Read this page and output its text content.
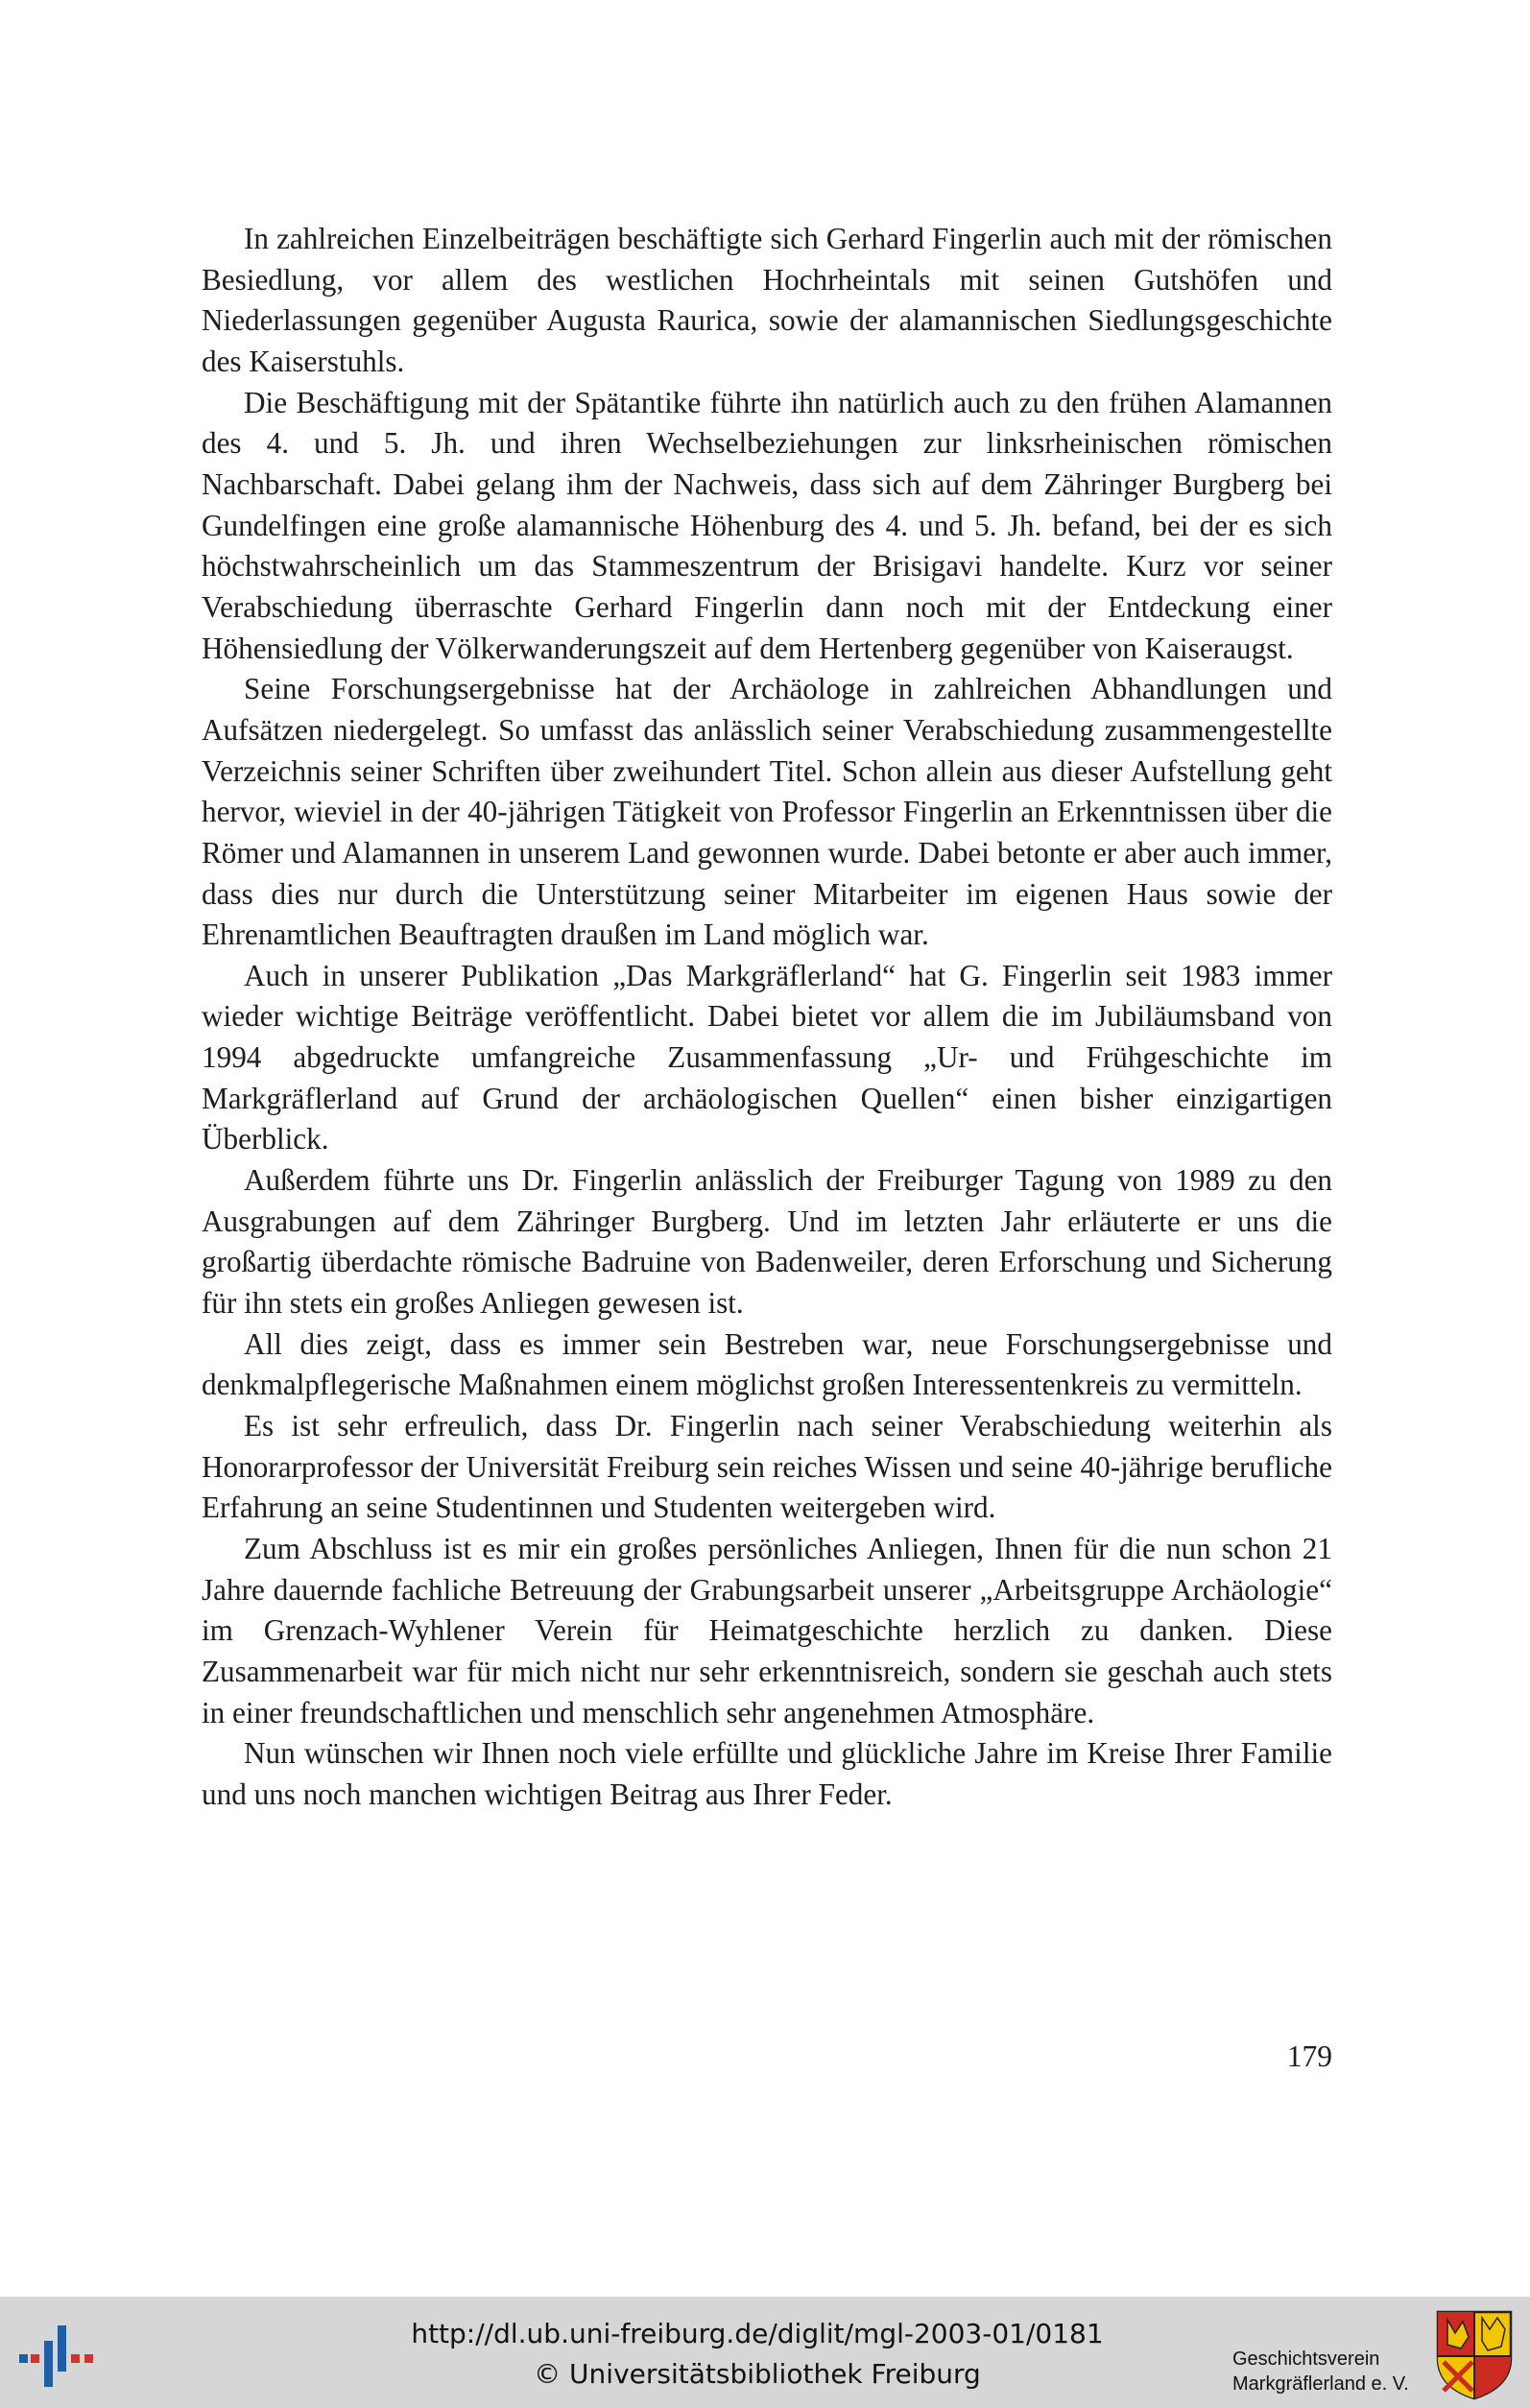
In zahlreichen Einzelbeiträgen beschäftigte sich Gerhard Fingerlin auch mit der römischen Besiedlung, vor allem des westlichen Hochrheintals mit seinen Gutshöfen und Niederlassungen gegenüber Augusta Raurica, sowie der alamannischen Siedlungsgeschichte des Kaiserstuhls.

Die Beschäftigung mit der Spätantike führte ihn natürlich auch zu den frühen Alamannen des 4. und 5. Jh. und ihren Wechselbeziehungen zur linksrheinischen römischen Nachbarschaft. Dabei gelang ihm der Nachweis, dass sich auf dem Zähringer Burgberg bei Gundelfingen eine große alamannische Höhenburg des 4. und 5. Jh. befand, bei der es sich höchstwahrscheinlich um das Stammeszentrum der Brisigavi handelte. Kurz vor seiner Verabschiedung überraschte Gerhard Fingerlin dann noch mit der Entdeckung einer Höhensiedlung der Völkerwanderungszeit auf dem Hertenberg gegenüber von Kaiseraugst.

Seine Forschungsergebnisse hat der Archäologe in zahlreichen Abhandlungen und Aufsätzen niedergelegt. So umfasst das anlässlich seiner Verabschiedung zusammengestellte Verzeichnis seiner Schriften über zweihundert Titel. Schon allein aus dieser Aufstellung geht hervor, wieviel in der 40-jährigen Tätigkeit von Professor Fingerlin an Erkenntnissen über die Römer und Alamannen in unserem Land gewonnen wurde. Dabei betonte er aber auch immer, dass dies nur durch die Unterstützung seiner Mitarbeiter im eigenen Haus sowie der Ehrenamtlichen Beauftragten draußen im Land möglich war.

Auch in unserer Publikation „Das Markgräflerland“ hat G. Fingerlin seit 1983 immer wieder wichtige Beiträge veröffentlicht. Dabei bietet vor allem die im Jubiläumsband von 1994 abgedruckte umfangreiche Zusammenfassung „Ur- und Frühgeschichte im Markgräflerland auf Grund der archäologischen Quellen“ einen bisher einzigartigen Überblick.

Außerdem führte uns Dr. Fingerlin anlässlich der Freiburger Tagung von 1989 zu den Ausgrabungen auf dem Zähringer Burgberg. Und im letzten Jahr erläuterte er uns die großartig überdachte römische Badruine von Badenweiler, deren Erforschung und Sicherung für ihn stets ein großes Anliegen gewesen ist.

All dies zeigt, dass es immer sein Bestreben war, neue Forschungsergebnisse und denkmalpflegerische Maßnahmen einem möglichst großen Interessentenkreis zu vermitteln.

Es ist sehr erfreulich, dass Dr. Fingerlin nach seiner Verabschiedung weiterhin als Honorarprofessor der Universität Freiburg sein reiches Wissen und seine 40-jährige berufliche Erfahrung an seine Studentinnen und Studenten weitergeben wird.

Zum Abschluss ist es mir ein großes persönliches Anliegen, Ihnen für die nun schon 21 Jahre dauernde fachliche Betreuung der Grabungsarbeit unserer „Arbeitsgruppe Archäologie“ im Grenzach-Wyhlener Verein für Heimatgeschichte herzlich zu danken. Diese Zusammenarbeit war für mich nicht nur sehr erkenntnisreich, sondern sie geschah auch stets in einer freundschaftlichen und menschlich sehr angenehmen Atmosphäre.

Nun wünschen wir Ihnen noch viele erfüllte und glückliche Jahre im Kreise Ihrer Familie und uns noch manchen wichtigen Beitrag aus Ihrer Feder.

179
http://dl.ub.uni-freiburg.de/diglit/mgl-2003-01/0181
© Universitätsbibliothek Freiburg	Geschichtsverein
Markgräflerland e. V.
